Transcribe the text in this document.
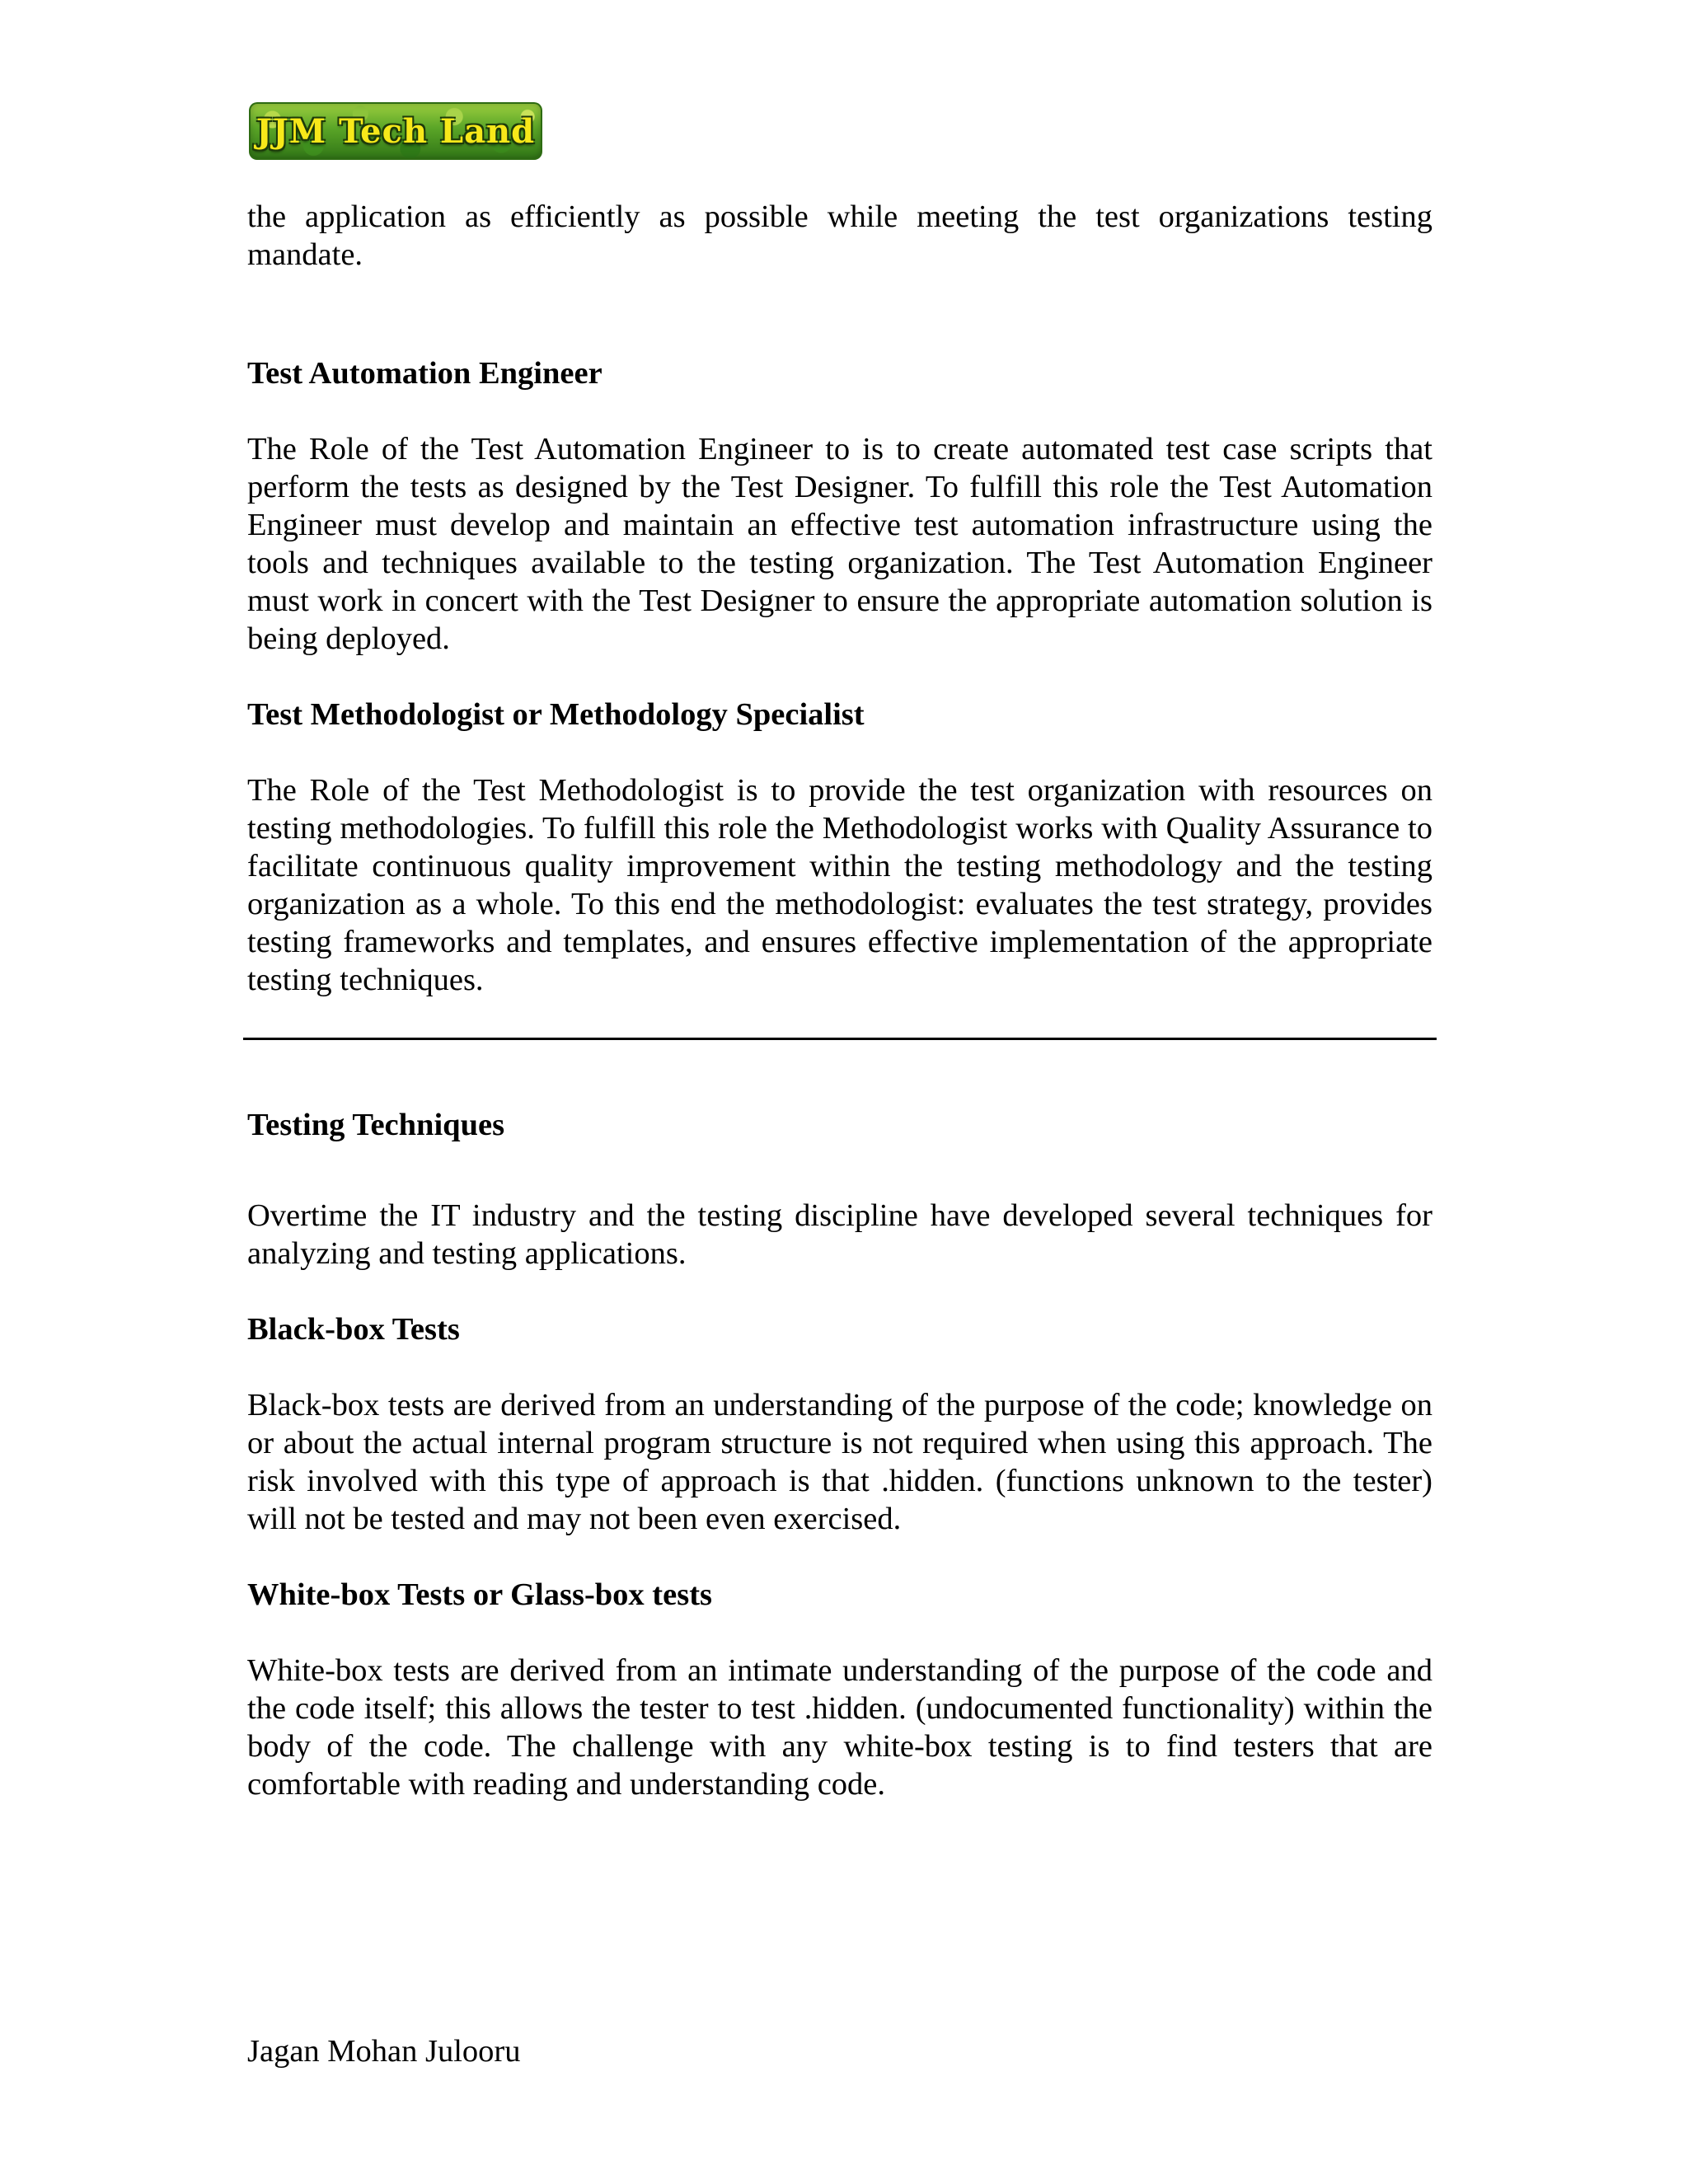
JJM Tech Land

the application as efficiently as possible while meeting the test organizations testing mandate.

Test Automation Engineer

The Role of the Test Automation Engineer to is to create automated test case scripts that perform the tests as designed by the Test Designer. To fulfill this role the Test Automation Engineer must develop and maintain an effective test automation infrastructure using the tools and techniques available to the testing organization. The Test Automation Engineer must work in concert with the Test Designer to ensure the appropriate automation solution is being deployed.

Test Methodologist or Methodology Specialist

The Role of the Test Methodologist is to provide the test organization with resources on testing methodologies. To fulfill this role the Methodologist works with Quality Assurance to facilitate continuous quality improvement within the testing methodology and the testing organization as a whole. To this end the methodologist: evaluates the test strategy, provides testing frameworks and templates, and ensures effective implementation of the appropriate testing techniques.

Testing Techniques

Overtime the IT industry and the testing discipline have developed several techniques for analyzing and testing applications.

Black-box Tests

Black-box tests are derived from an understanding of the purpose of the code; knowledge on or about the actual internal program structure is not required when using this approach. The risk involved with this type of approach is that .hidden. (functions unknown to the tester) will not be tested and may not been even exercised.

White-box Tests or Glass-box tests

White-box tests are derived from an intimate understanding of the purpose of the code and the code itself; this allows the tester to test .hidden. (undocumented functionality) within the body of the code. The challenge with any white-box testing is to find testers that are comfortable with reading and understanding code.

Jagan Mohan Julooru
